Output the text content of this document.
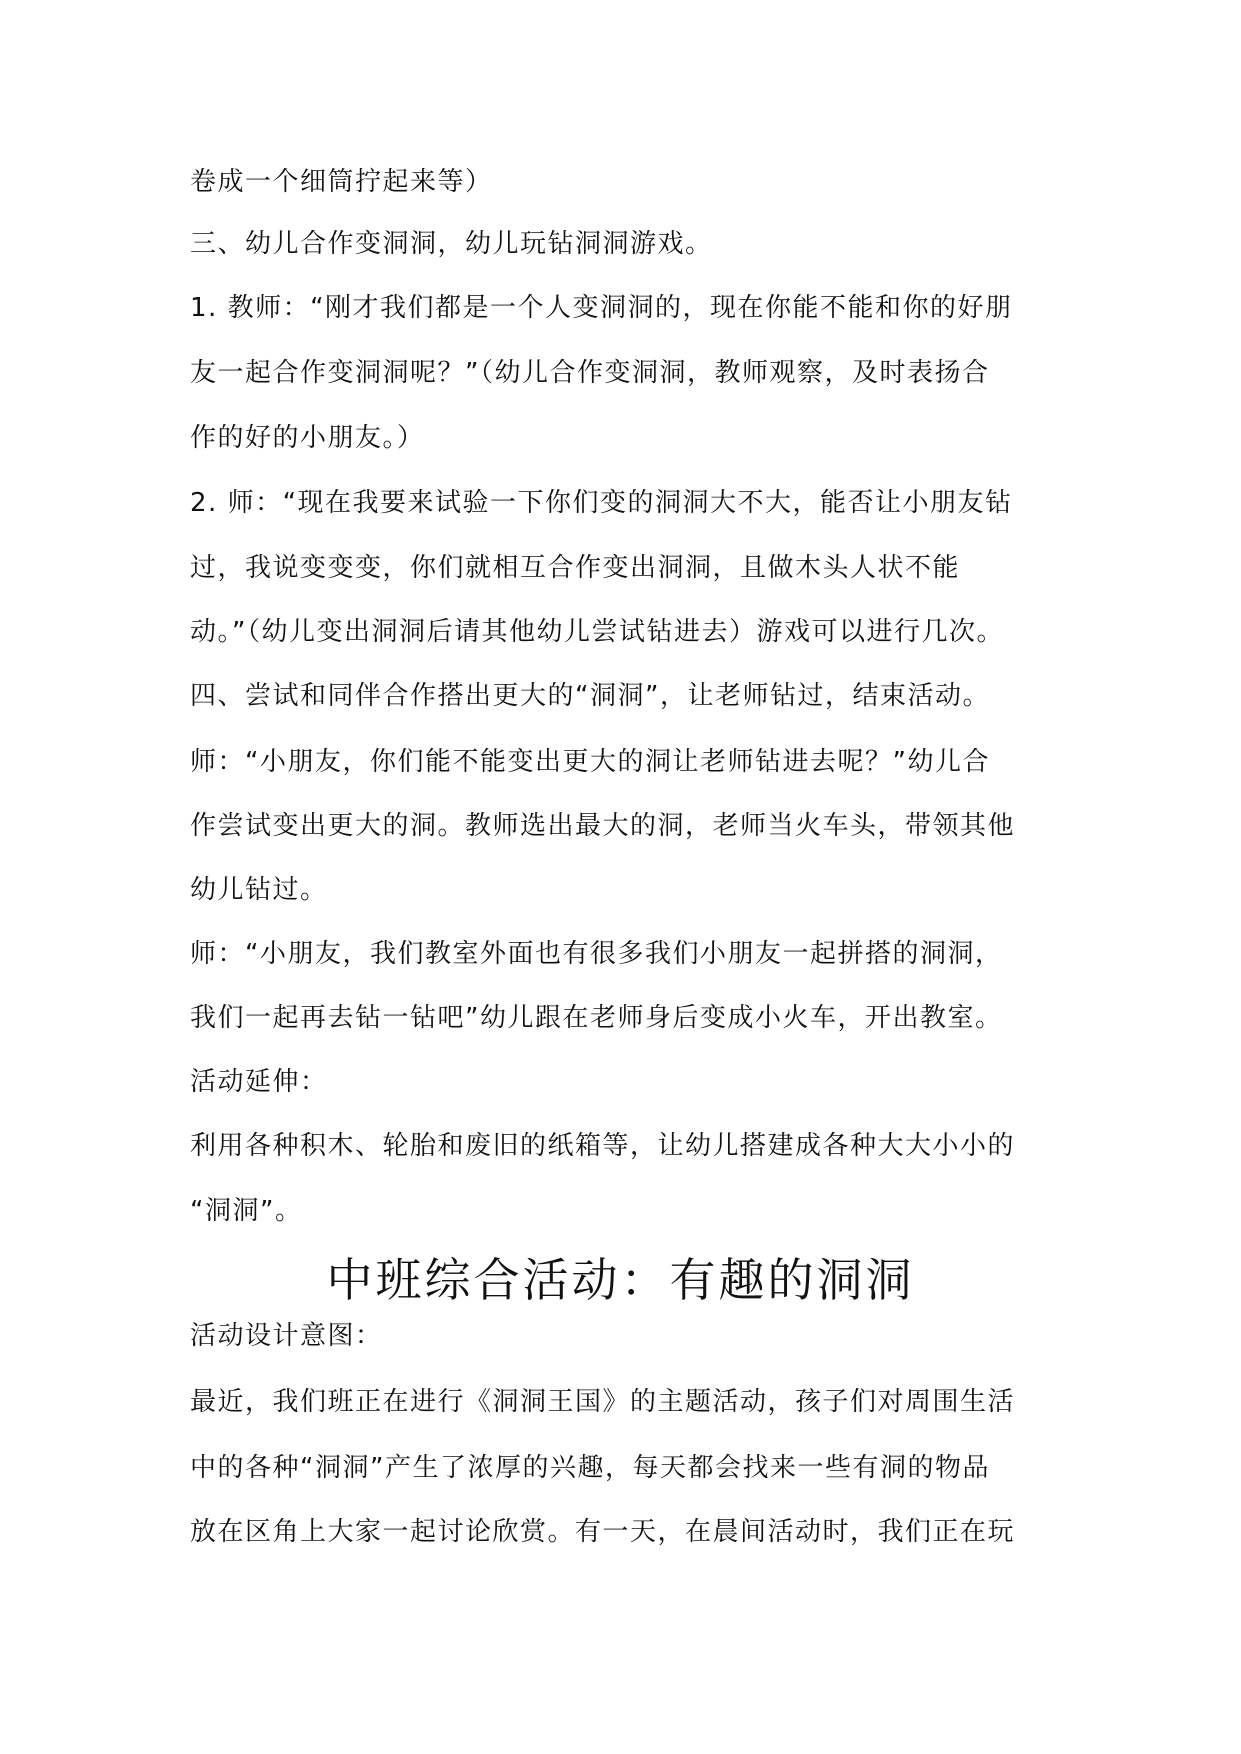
卷成一个细筒拧起来等）
三、幼儿合作变洞洞，幼儿玩钻洞洞游戏。
1. 教师：“刚才我们都是一个人变洞洞的，现在你能不能和你的好朋
友一起合作变洞洞呢？”（幼儿合作变洞洞，教师观察，及时表扬合
作的好的小朋友。）
2. 师：“现在我要来试验一下你们变的洞洞大不大，能否让小朋友钻
过，我说变变变，你们就相互合作变出洞洞，且做木头人状不能
动。”（幼儿变出洞洞后请其他幼儿尝试钻进去）游戏可以进行几次。
四、尝试和同伴合作搭出更大的“洞洞”，让老师钻过，结束活动。
师：“小朋友，你们能不能变出更大的洞让老师钻进去呢？”幼儿合
作尝试变出更大的洞。教师选出最大的洞，老师当火车头，带领其他
幼儿钻过。
师：“小朋友，我们教室外面也有很多我们小朋友一起拼搭的洞洞，
我们一起再去钻一钻吧”幼儿跟在老师身后变成小火车，开出教室。
活动延伸：
利用各种积木、轮胎和废旧的纸箱等，让幼儿搭建成各种大大小小的
“洞洞”。
中班综合活动：有趣的洞洞
活动设计意图：
最近，我们班正在进行《洞洞王国》的主题活动，孩子们对周围生活
中的各种“洞洞”产生了浓厚的兴趣，每天都会找来一些有洞的物品
放在区角上大家一起讨论欣赏。有一天，在晨间活动时，我们正在玩
